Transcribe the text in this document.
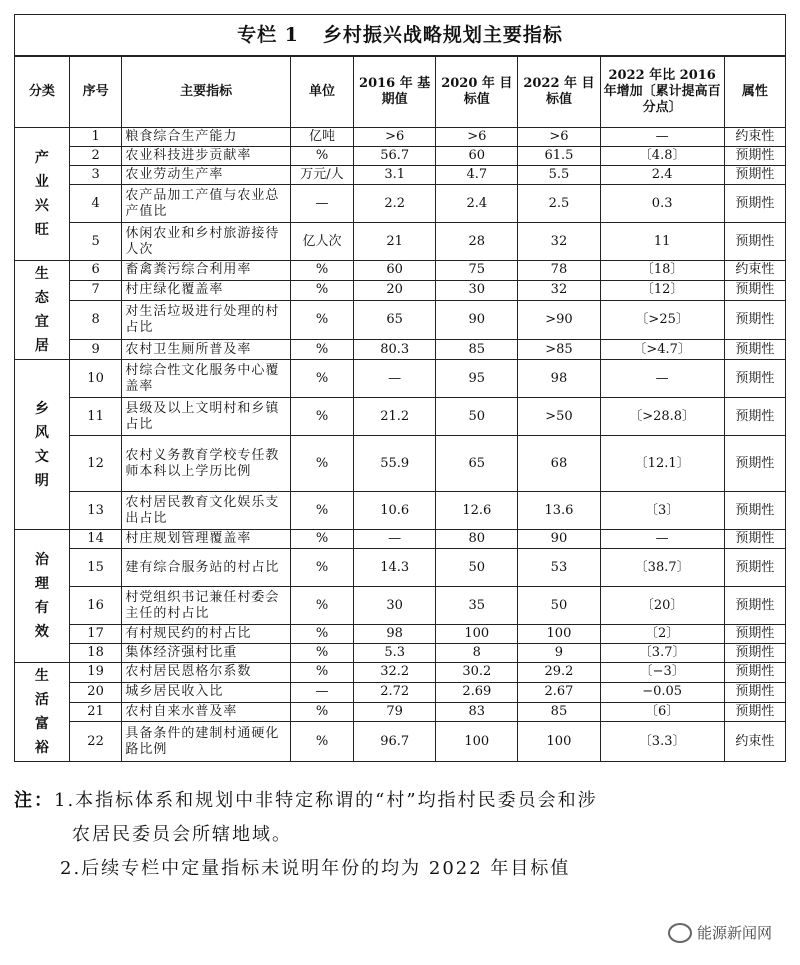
专栏 1 乡村振兴战略规划主要指标								
分类	序号	主要指标	单位	2016 年 基期值	2020 年 目标值	2022 年 目标值	2022 年比 2016 年增加〔累计提高百分点〕	属性

产业兴旺	1	粮食综合生产能力	亿吨	>6	>6	>6	—	约束性
	2	农业科技进步贡献率	%	56.7	60	61.5	〔4.8〕	预期性
	3	农业劳动生产率	万元/人	3.1	4.7	5.5	2.4	预期性
	4	农产品加工产值与农业总产值比	—	2.2	2.4	2.5	0.3	预期性
	5	休闲农业和乡村旅游接待人次	亿人次	21	28	32	11	预期性

生态宜居	6	畜禽粪污综合利用率	%	60	75	78	〔18〕	约束性
	7	村庄绿化覆盖率	%	20	30	32	〔12〕	预期性
	8	对生活垃圾进行处理的村占比	%	65	90	>90	〔>25〕	预期性
	9	农村卫生厕所普及率	%	80.3	85	>85	〔>4.7〕	预期性

乡风文明	10	村综合性文化服务中心覆盖率	%	—	95	98	—	预期性
	11	县级及以上文明村和乡镇占比	%	21.2	50	>50	〔>28.8〕	预期性
	12	农村义务教育学校专任教师本科以上学历比例	%	55.9	65	68	〔12.1〕	预期性
	13	农村居民教育文化娱乐支出占比	%	10.6	12.6	13.6	〔3〕	预期性

治理有效	14	村庄规划管理覆盖率	%	—	80	90	—	预期性
	15	建有综合服务站的村占比	%	14.3	50	53	〔38.7〕	预期性
	16	村党组织书记兼任村委会主任的村占比	%	30	35	50	〔20〕	预期性
	17	有村规民约的村占比	%	98	100	100	〔2〕	预期性
	18	集体经济强村比重	%	5.3	8	9	〔3.7〕	预期性

生活富裕	19	农村居民恩格尔系数	%	32.2	30.2	29.2	〔−3〕	预期性
	20	城乡居民收入比	—	2.72	2.69	2.67	−0.05	预期性
	21	农村自来水普及率	%	79	83	85	〔6〕	预期性
	22	具备条件的建制村通硬化路比例	%	96.7	100	100	〔3.3〕	约束性
注：1.本指标体系和规划中非特定称谓的“村”均指村民委员会和涉
农居民委员会所辖地域。
2.后续专栏中定量指标未说明年份的均为 2022 年目标值
能源新闻网
